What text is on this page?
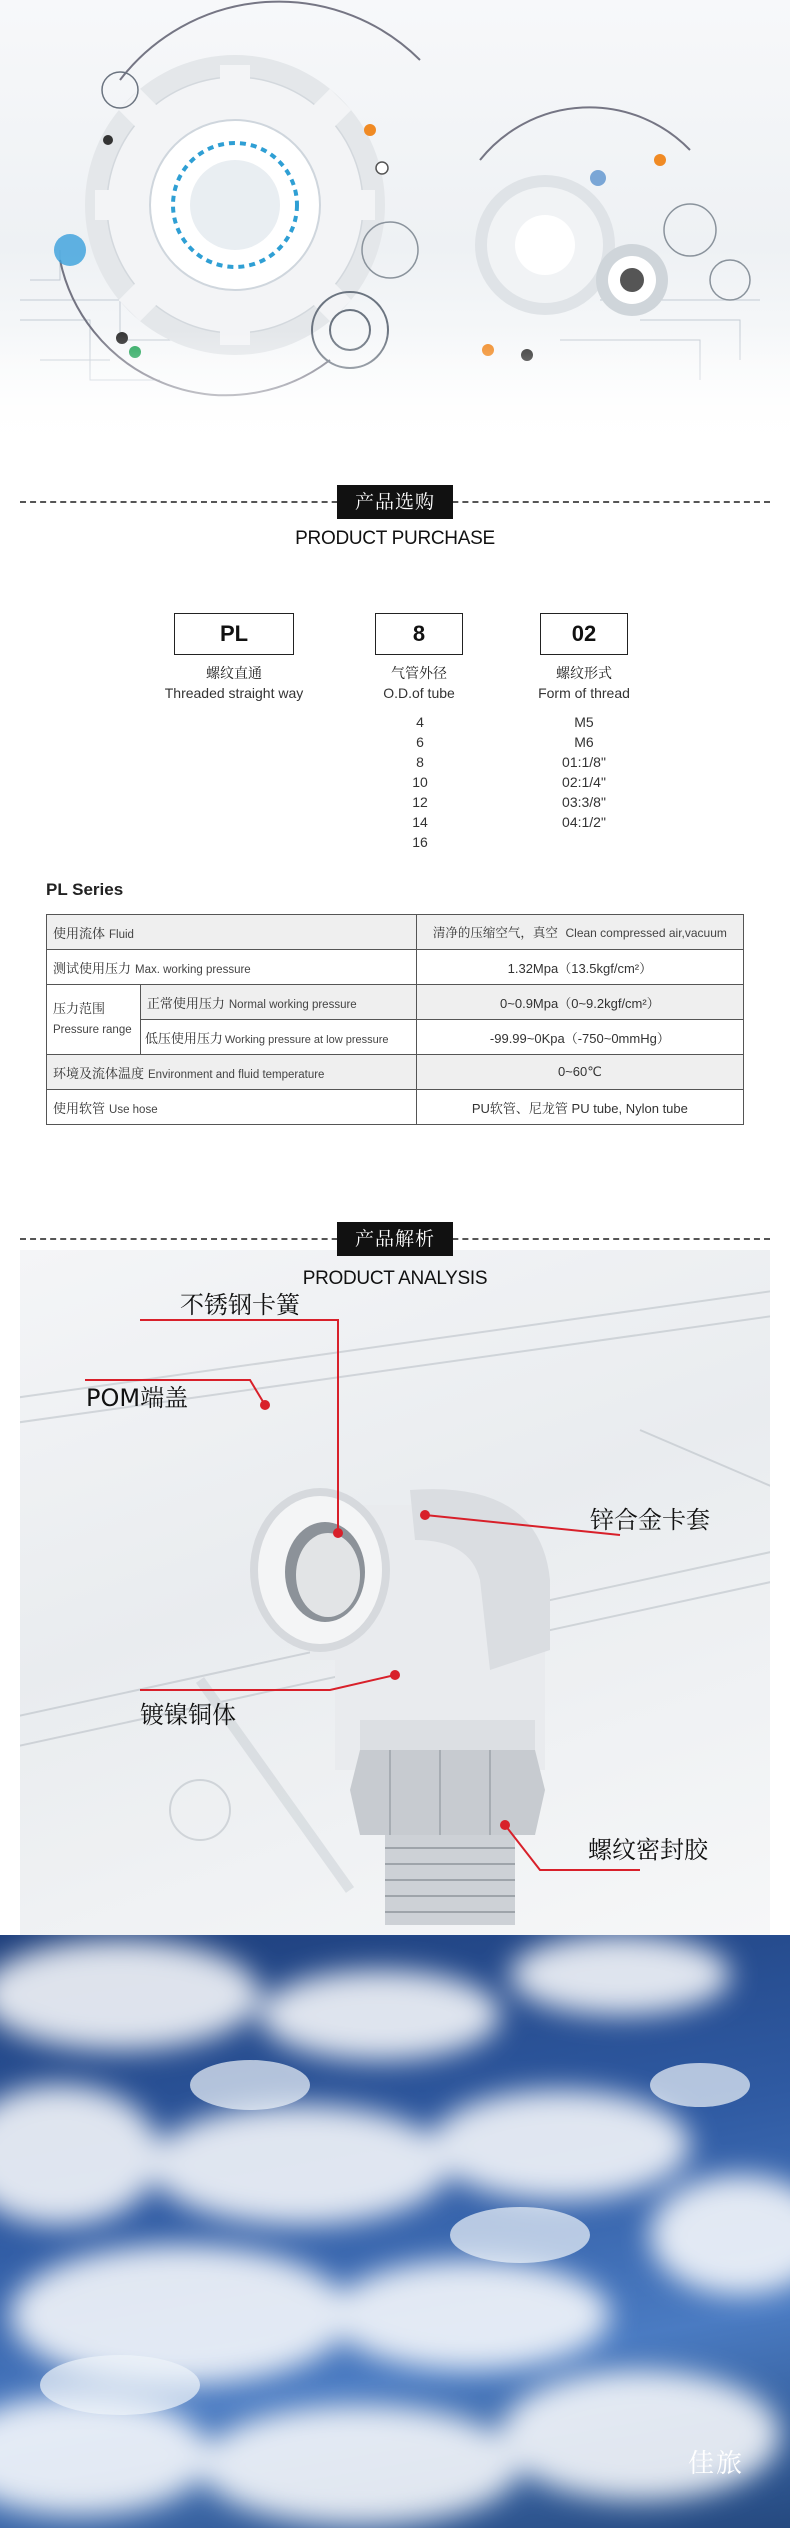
产品选购
PRODUCT PURCHASE
PL
螺纹直通
Threaded straight way
8
气管外径
O.D.of tube
02
螺纹形式
Form of thread
4
6
8
10
12
14
16
M5
M6
01:1/8"
02:1/4"
03:3/8"
04:1/2"
PL Series
使用流体 Fluid		清净的压缩空气，真空 Clean compressed air,vacuum
测试使用压力 Max. working pressure		1.32Mpa（13.5kgf/cm²）

压力范围
Pressure range	正常使用压力 Normal working pressure	0~0.9Mpa（0~9.2kgf/cm²）
	低压使用压力 Working pressure at low pressure	-99.99~0Kpa（-750~0mmHg）
环境及流体温度 Environment and fluid temperature		0~60℃
使用软管 Use hose		PU软管、尼龙管 PU tube, Nylon tube
不锈钢卡簧
POM端盖
锌合金卡套
镀镍铜体
螺纹密封胶
产品解析
PRODUCT ANALYSIS
佳旅
